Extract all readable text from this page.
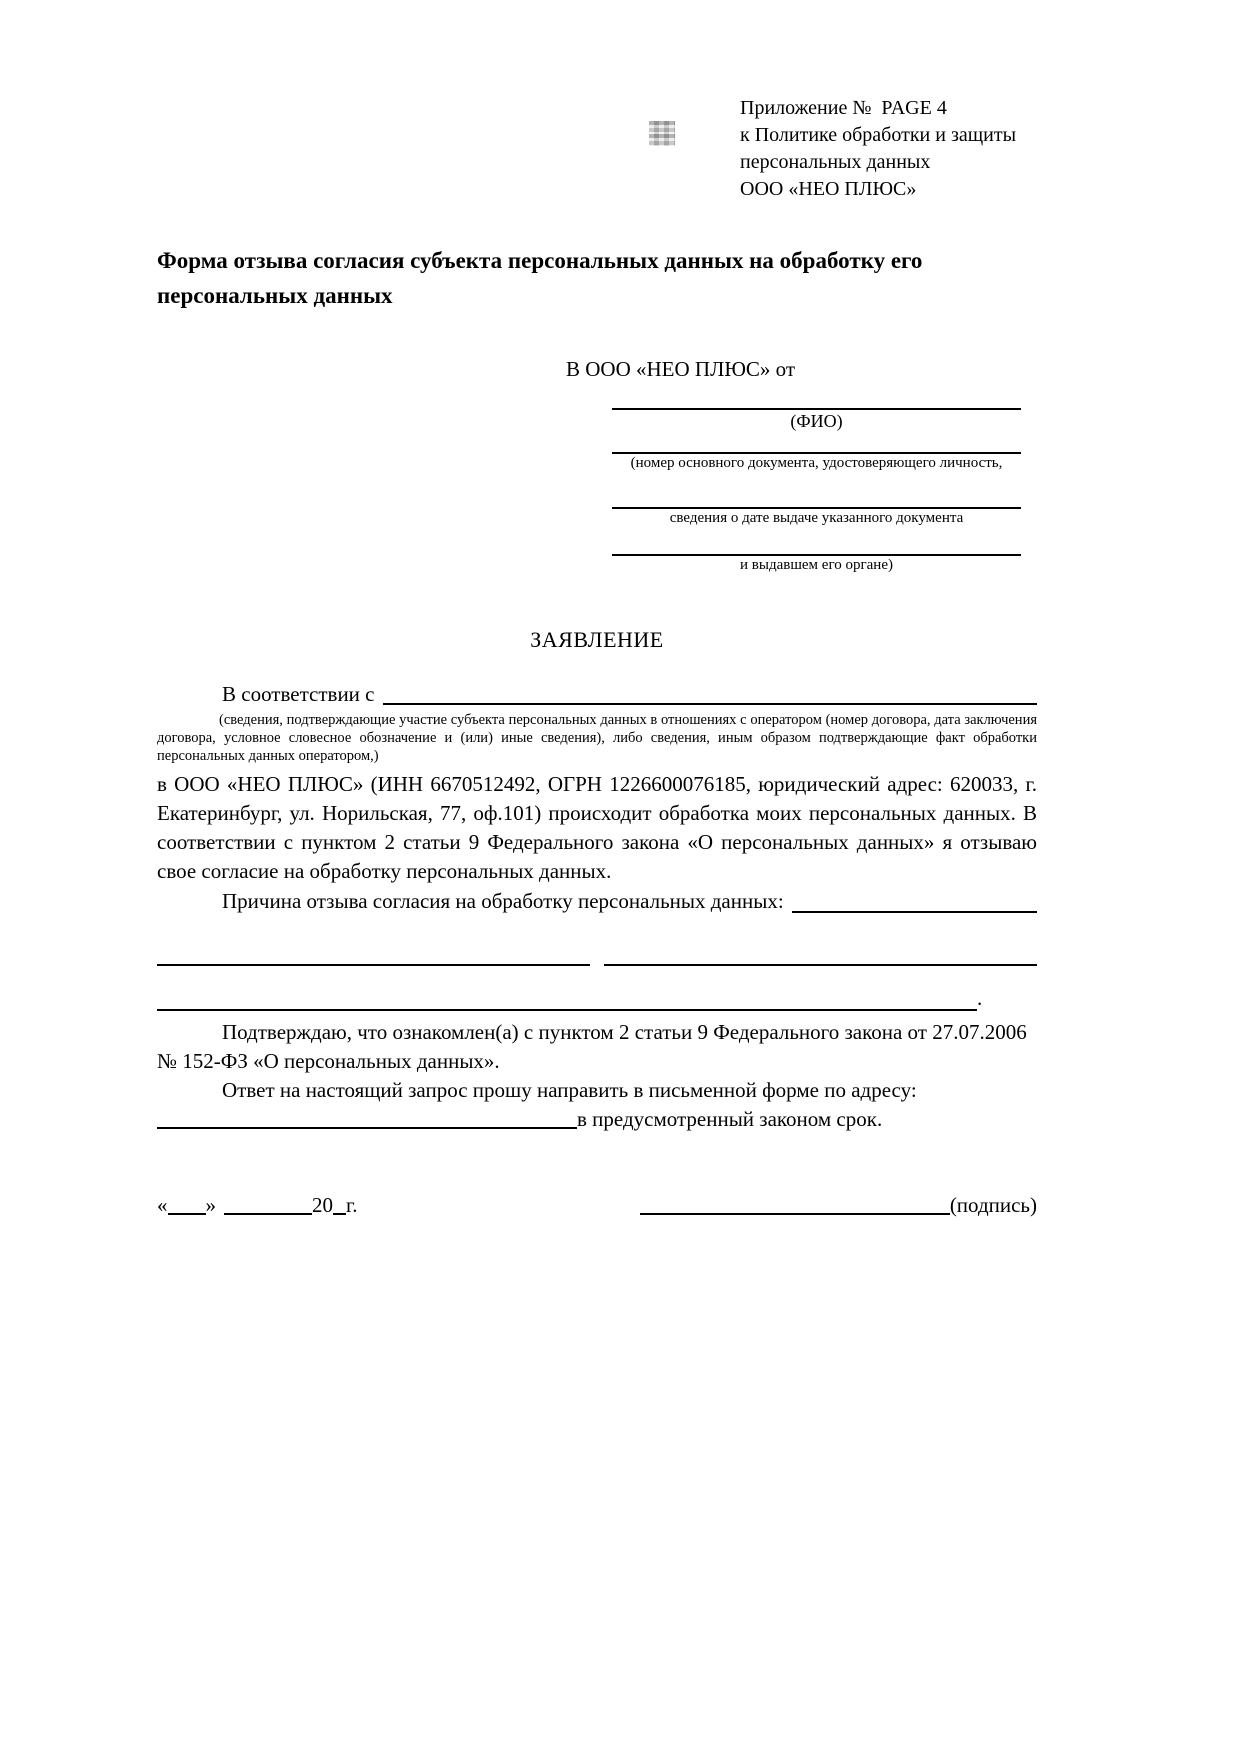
Приложение №  PAGE 4
к Политике обработки и защиты
персональных данных
ООО «НЕО ПЛЮС»
Форма отзыва согласия субъекта персональных данных на обработку его персональных данных
В ООО «НЕО ПЛЮС» от
(ФИО)
(номер основного документа, удостоверяющего личность,
сведения о дате выдаче указанного документа
и выдавшем его органе)
ЗАЯВЛЕНИЕ
В соответствии с
(сведения, подтверждающие участие субъекта персональных данных в отношениях с оператором (номер договора, дата заключения договора, условное словесное обозначение и (или) иные сведения), либо сведения, иным образом подтверждающие факт обработки персональных данных оператором,)
в ООО «НЕО ПЛЮС» (ИНН 6670512492, ОГРН 1226600076185, юридический адрес: 620033, г. Екатеринбург, ул. Норильская, 77, оф.101) происходит обработка моих персональных данных. В соответствии с пунктом 2 статьи 9 Федерального закона «О персональных данных» я отзываю свое согласие на обработку персональных данных.
Причина отзыва согласия на обработку персональных данных:
.
Подтверждаю, что ознакомлен(а) с пунктом 2 статьи 9 Федерального закона от 27.07.2006 № 152-ФЗ «О персональных данных».
Ответ на настоящий запрос прошу направить в письменной форме по адресу:
в предусмотренный законом срок.
« »	20 г.	(подпись)
